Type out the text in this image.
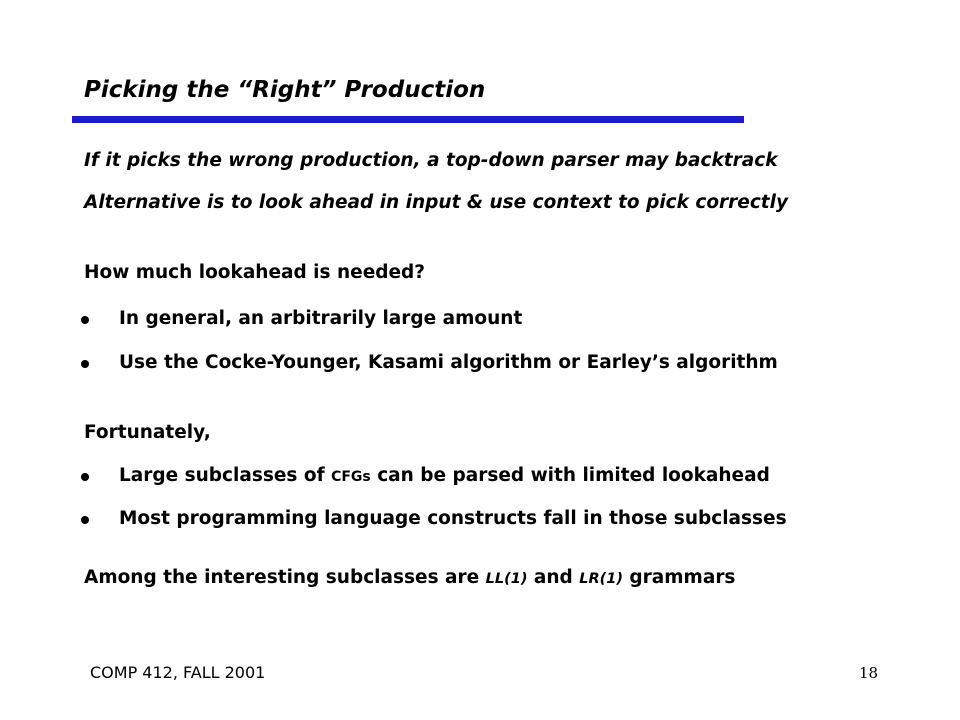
Picking the “Right” Production
If it picks the wrong production, a top-down parser may backtrack
Alternative is to look ahead in input & use context to pick correctly
How much lookahead is needed?
In general, an arbitrarily large amount
Use the Cocke-Younger, Kasami algorithm or Earley’s algorithm
Fortunately,
Large subclasses of CFGs can be parsed with limited lookahead
Most programming language constructs fall in those subclasses
Among the interesting subclasses are LL(1) and LR(1) grammars
COMP 412, FALL 2001	18
